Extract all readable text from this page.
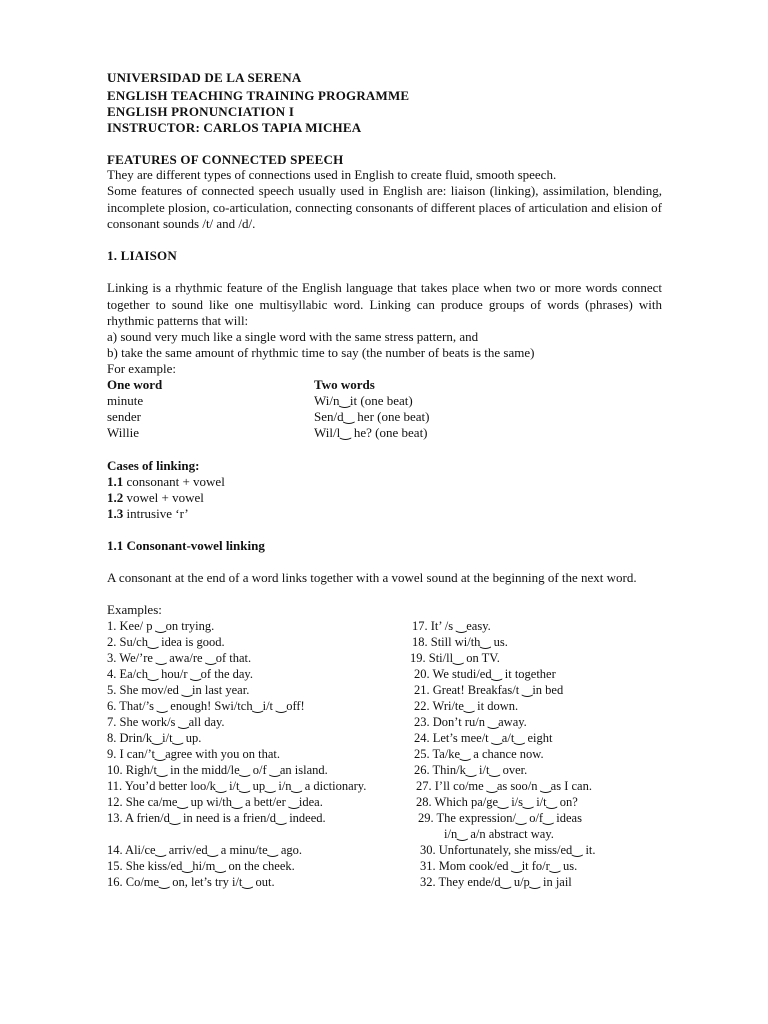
UNIVERSIDAD DE LA SERENA
ENGLISH TEACHING TRAINING PROGRAMME
ENGLISH PRONUNCIATION I
INSTRUCTOR: CARLOS TAPIA MICHEA
FEATURES OF CONNECTED SPEECH
They are different types of connections used in English to create fluid, smooth speech.
Some features of connected speech usually used in English are: liaison (linking), assimilation, blending, incomplete plosion, co-articulation, connecting consonants of different places of articulation and elision of consonant sounds /t/ and /d/.
1. LIAISON
Linking is a rhythmic feature of the English language that takes place when two or more words connect together to sound like one multisyllabic word. Linking can produce groups of words (phrases) with rhythmic patterns that will:
a) sound very much like a single word with the same stress pattern, and
b) take the same amount of rhythmic time to say (the number of beats is the same)
For example:
One word	Two words
minute	Wi/n‿it (one beat)
sender	Sen/d‿ her (one beat)
Willie	Wil/l‿ he? (one beat)
Cases of linking:
1.1 consonant + vowel
1.2 vowel + vowel
1.3 intrusive ‘r’
1.1 Consonant-vowel linking
A consonant at the end of a word links together with a vowel sound at the beginning of the next word.
Examples:
1. Kee/ p ‿on trying.
2. Su/ch‿ idea is good.
3. We/’re ‿ awa/re ‿of that.
4. Ea/ch‿ hou/r ‿of the day.
5. She mov/ed ‿in last year.
6. That/’s ‿ enough! Swi/tch‿i/t ‿off!
7. She work/s ‿all day.
8. Drin/k‿i/t‿ up.
9. I can/’t‿agree with you on that.
10. Righ/t‿ in the midd/le‿ o/f ‿an island.
11. You’d better loo/k‿ i/t‿ up‿ i/n‿ a dictionary.
12. She ca/me‿ up wi/th‿ a bett/er ‿idea.
13. A frien/d‿ in need is a frien/d‿ indeed.
14. Ali/ce‿ arriv/ed‿ a minu/te‿ ago.
15. She kiss/ed‿hi/m‿ on the cheek.
16. Co/me‿ on, let’s try i/t‿ out.
17. It’ /s ‿easy.
18. Still wi/th‿ us.
19. Sti/ll‿ on TV.
20. We studi/ed‿ it together
21. Great! Breakfas/t ‿in bed
22. Wri/te‿ it down.
23. Don’t ru/n ‿away.
24. Let’s mee/t ‿a/t‿ eight
25. Ta/ke‿ a chance now.
26. Thin/k‿ i/t‿ over.
27. I’ll co/me ‿as soo/n ‿as I can.
28. Which pa/ge‿ i/s‿ i/t‿ on?
29. The expression/‿ o/f‿ ideas
i/n‿ a/n abstract way.
30. Unfortunately, she miss/ed‿ it.
31. Mom cook/ed ‿it fo/r‿ us.
32. They ende/d‿ u/p‿ in jail
